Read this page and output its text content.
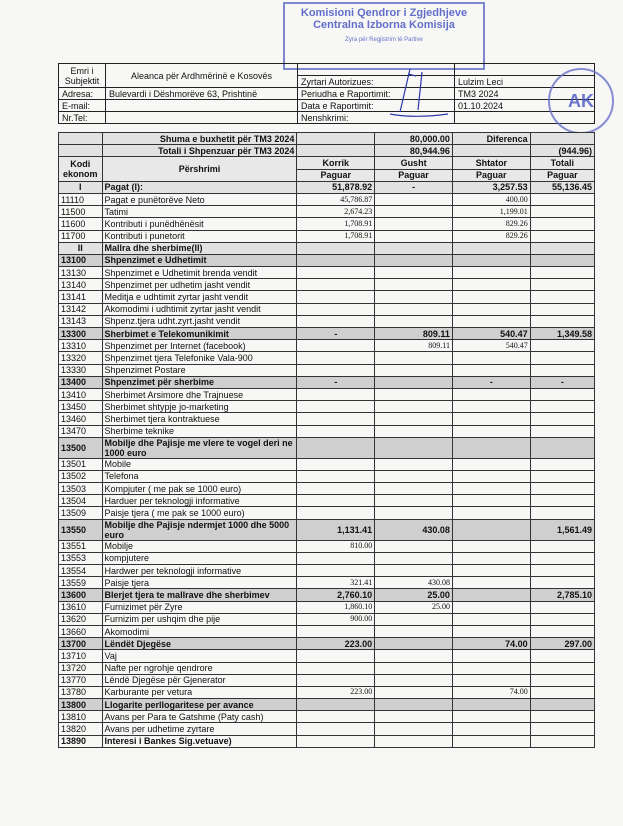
Komisioni Qendror i Zgjedhjeve
Centralna Izborna Komisija
Zyra për Regjistrim të Partive
Emri i Subjektit	Aleanca për Ardhmërinë e Kosovës		
		Zyrtari Autorizues:	Lulzim Leci
Adresa:	Bulevardi i Dëshmorëve 63, Prishtinë	Periudha e Raportimit:	TM3 2024
E-mail:		Data e Raportimit:	01.10.2024
Nr.Tel:		Nenshkrimi:	
AK
	Shuma e buxhetit për TM3 2024		80,000.00	Diferenca	
	Totali i Shpenzuar për TM3 2024		80,944.96		(944.96)
Kodi ekonom	Përshrimi	Korrik	Gusht	Shtator	Totali
		Paguar	Paguar	Paguar	Paguar
I	Pagat (I):	51,878.92	-	3,257.53	55,136.45
11110	Pagat e punëtorëve Neto	45,786.87		400.00	
11500	Tatimi	2,674.23		1,199.01	
11600	Kontributi i punëdhënësit	1,708.91		829.26	
11700	Kontributi i punetorit	1,708.91		829.26	
II	Mallra dhe sherbime(II)				
13100	Shpenzimet e Udhetimit				
13130	Shpenzimet e Udhetimit brenda vendit				
13140	Shpenzimet per udhetim jasht vendit				
13141	Meditja e udhtimit zyrtar jasht vendit				
13142	Akomodimi i udhtimit zyrtar jasht vendit				
13143	Shpenz.tjera udht.zyrt.jasht vendit				
13300	Sherbimet e Telekomunikimit	-	809.11	540.47	1,349.58
13310	Shpenzimet per Internet (facebook)		809.11	540.47	
13320	Shpenzimet tjera Telefonike Vala-900				
13330	Shpenzimet Postare				
13400	Shpenzimet për sherbime	-		-	-
13410	Sherbimet Arsimore dhe Trajnuese				
13450	Sherbimet shtypje jo-marketing				
13460	Sherbimet tjera kontraktuese				
13470	Sherbime teknike				
13500	Mobilje dhe Pajisje me vlere te vogel deri ne 1000 euro				
13501	Mobile				
13502	Telefona				
13503	Kompjuter ( me pak se 1000 euro)				
13504	Harduer per teknologji informative				
13509	Paisje tjera ( me pak se 1000 euro)				
13550	Mobilje dhe Pajisje ndermjet 1000 dhe 5000 euro	1,131.41	430.08		1,561.49
13551	Mobilje	810.00			
13553	kompjutere				
13554	Hardwer per teknologji informative				
13559	Paisje tjera	321.41	430.08		
13600	Blerjet tjera te mallrave dhe sherbimev	2,760.10	25.00		2,785.10
13610	Furnizimet për Zyre	1,860.10	25.00		
13620	Furnizim per ushqim dhe pije	900.00			
13660	Akomodimi				
13700	Lëndët Djegëse	223.00		74.00	297.00
13710	Vaj				
13720	Nafte per ngrohje qendrore				
13770	Lëndë Djegëse për Gjenerator				
13780	Karburante per vetura	223.00		74.00	
13800	Llogarite perllogaritese per avance				
13810	Avans per Para te Gatshme (Paty cash)				
13820	Avans per udhetime zyrtare				
13890	Interesi i Bankes Sig.vetuave)				
